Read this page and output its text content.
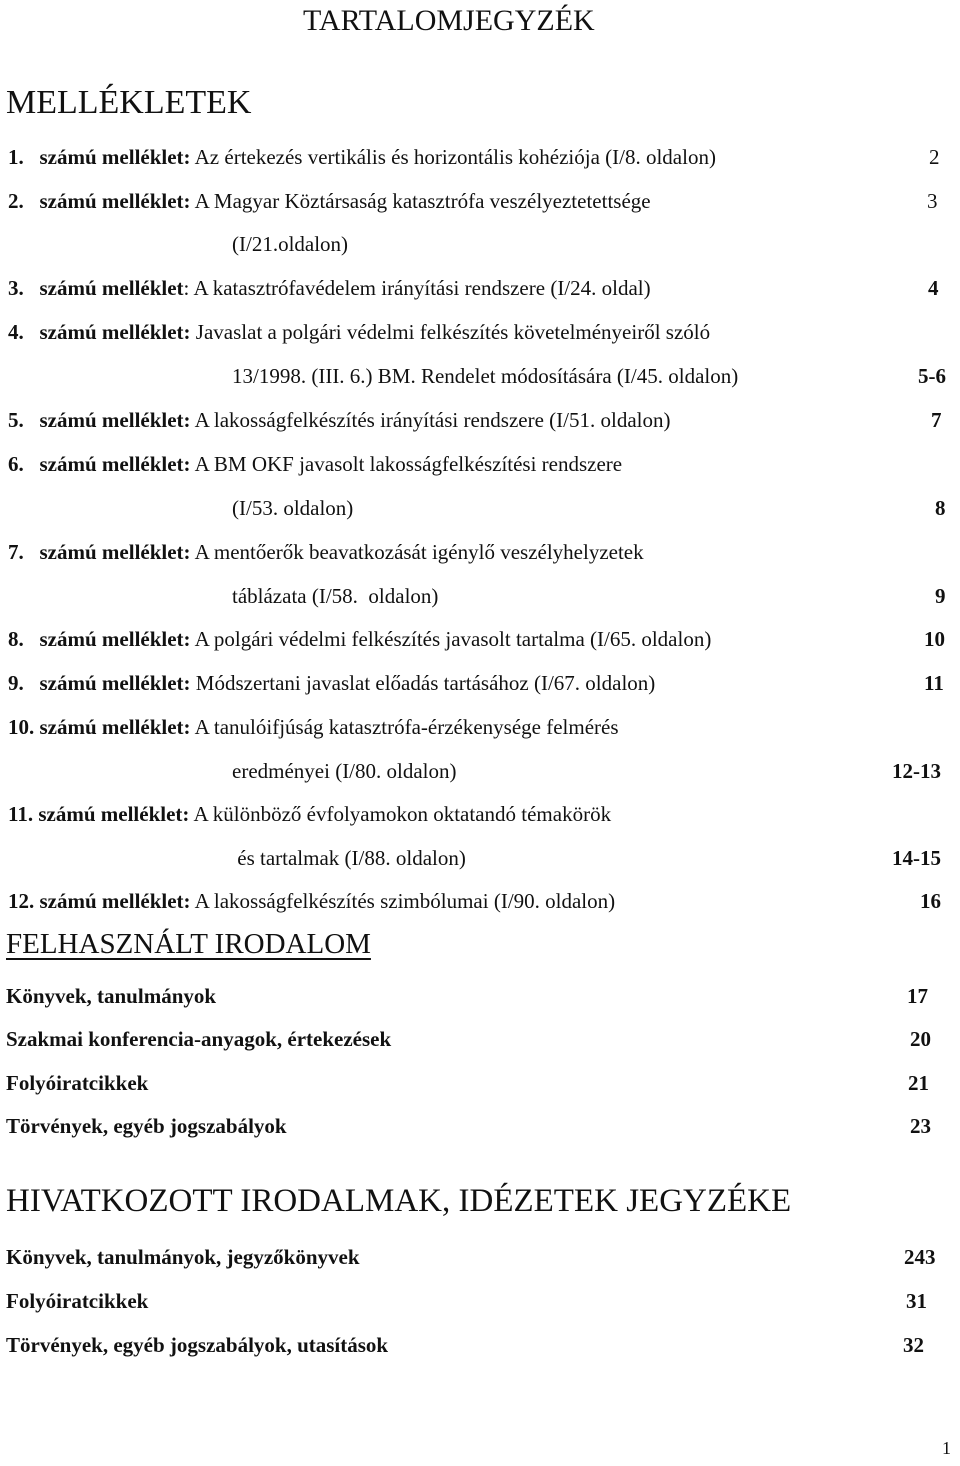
TARTALOMJEGYZÉK
MELLÉKLETEK
1. számú melléklet: Az értekezés vertikális és horizontális kohéziója (I/8. oldalon)	2
2. számú melléklet: A Magyar Köztársaság katasztrófa veszélyeztetettsége	3
(I/21.oldalon)
3. számú melléklet: A katasztrófavédelem irányítási rendszere (I/24. oldal)	4
4. számú melléklet: Javaslat a polgári védelmi felkészítés követelményeiről szóló
13/1998. (III. 6.) BM. Rendelet módosítására (I/45. oldalon)	5-6
5. számú melléklet: A lakosságfelkészítés irányítási rendszere (I/51. oldalon)	7
6. számú melléklet: A BM OKF javasolt lakosságfelkészítési rendszere
(I/53. oldalon)	8
7. számú melléklet: A mentőerők beavatkozását igénylő veszélyhelyzetek
táblázata (I/58.  oldalon)	9
8. számú melléklet: A polgári védelmi felkészítés javasolt tartalma (I/65. oldalon)	10
9. számú melléklet: Módszertani javaslat előadás tartásához (I/67. oldalon)	11
10. számú melléklet: A tanulóifjúság katasztrófa-érzékenysége felmérés
eredményei (I/80. oldalon)	12-13
11. számú melléklet: A különböző évfolyamokon oktatandó témakörök
és tartalmak (I/88. oldalon)	14-15
12. számú melléklet: A lakosságfelkészítés szimbólumai (I/90. oldalon)	16
FELHASZNÁLT IRODALOM
Könyvek, tanulmányok	17
Szakmai konferencia-anyagok, értekezések	20
Folyóiratcikkek	21
Törvények, egyéb jogszabályok	23
HIVATKOZOTT IRODALMAK, IDÉZETEK JEGYZÉKE
Könyvek, tanulmányok, jegyzőkönyvek	243
Folyóiratcikkek	31
Törvények, egyéb jogszabályok, utasítások	32
1
